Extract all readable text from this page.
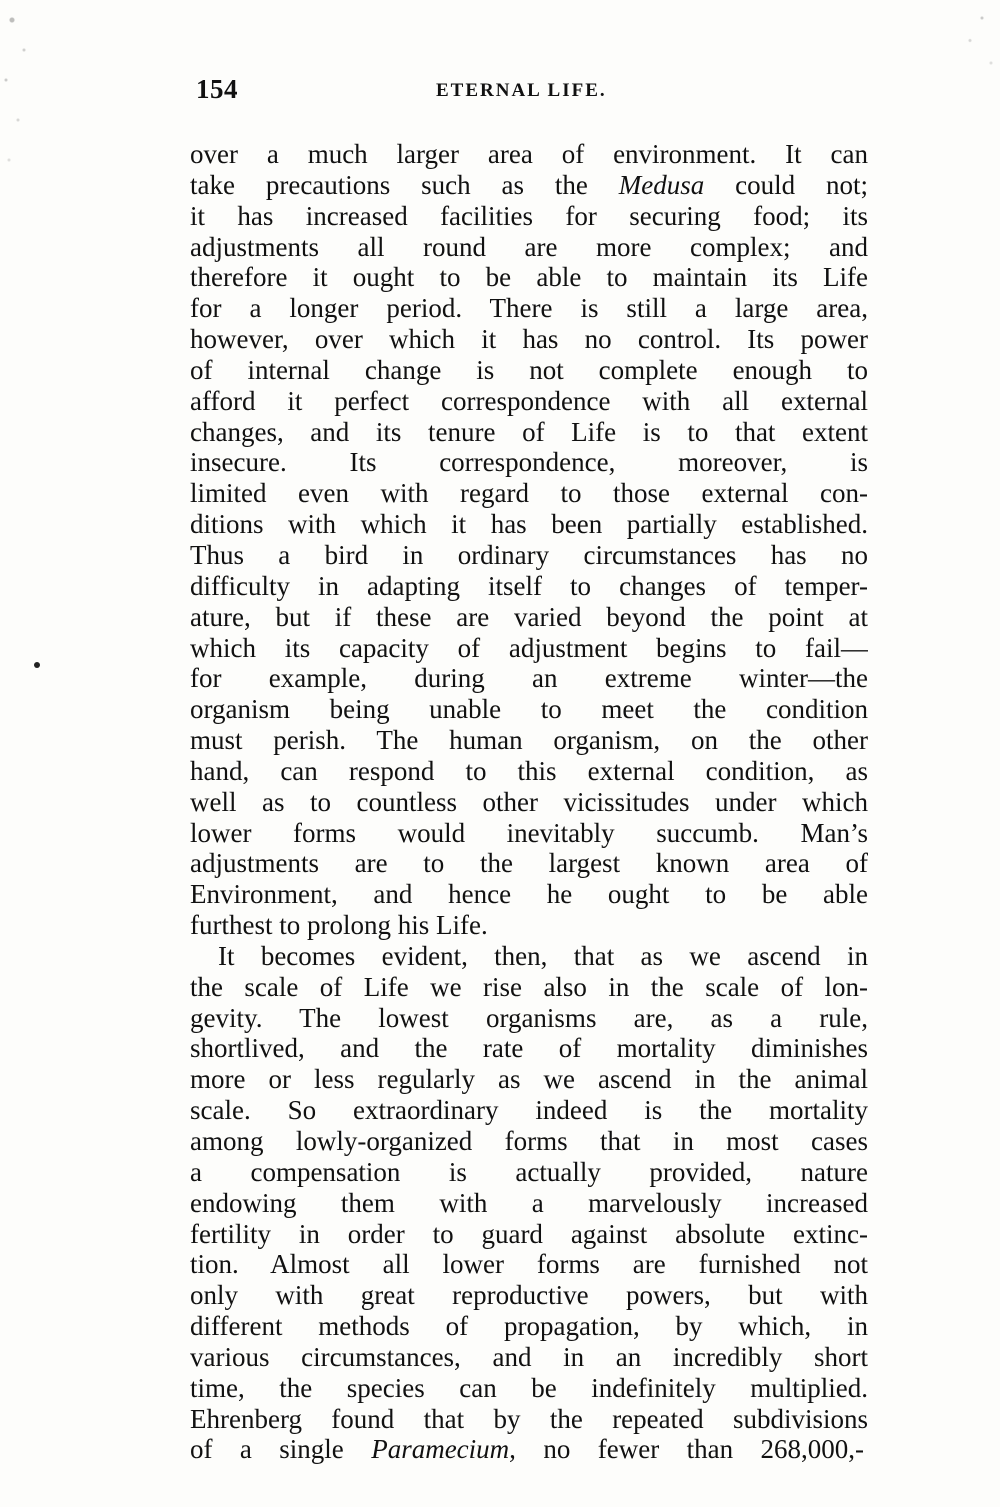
154	ETERNAL LIFE.
over a much larger area of environment. It can
take precautions such as the Medusa could not;
it has increased facilities for securing food; its
adjustments all round are more complex; and
therefore it ought to be able to maintain its Life
for a longer period. There is still a large area,
however, over which it has no control. Its power
of internal change is not complete enough to
afford it perfect correspondence with all external
changes, and its tenure of Life is to that extent
insecure. Its correspondence, moreover, is
limited even with regard to those external con-
ditions with which it has been partially established.
Thus a bird in ordinary circumstances has no
difficulty in adapting itself to changes of temper-
ature, but if these are varied beyond the point at
which its capacity of adjustment begins to fail—
for example, during an extreme winter—the
organism being unable to meet the condition
must perish. The human organism, on the other
hand, can respond to this external condition, as
well as to countless other vicissitudes under which
lower forms would inevitably succumb. Man’s
adjustments are to the largest known area of
Environment, and hence he ought to be able
furthest to prolong his Life.
It becomes evident, then, that as we ascend in
the scale of Life we rise also in the scale of lon-
gevity. The lowest organisms are, as a rule,
shortlived, and the rate of mortality diminishes
more or less regularly as we ascend in the animal
scale. So extraordinary indeed is the mortality
among lowly-organized forms that in most cases
a compensation is actually provided, nature
endowing them with a marvelously increased
fertility in order to guard against absolute extinc-
tion. Almost all lower forms are furnished not
only with great reproductive powers, but with
different methods of propagation, by which, in
various circumstances, and in an incredibly short
time, the species can be indefinitely multiplied.
Ehrenberg found that by the repeated subdivisions
of a single Paramecium, no fewer than 268,000,-
